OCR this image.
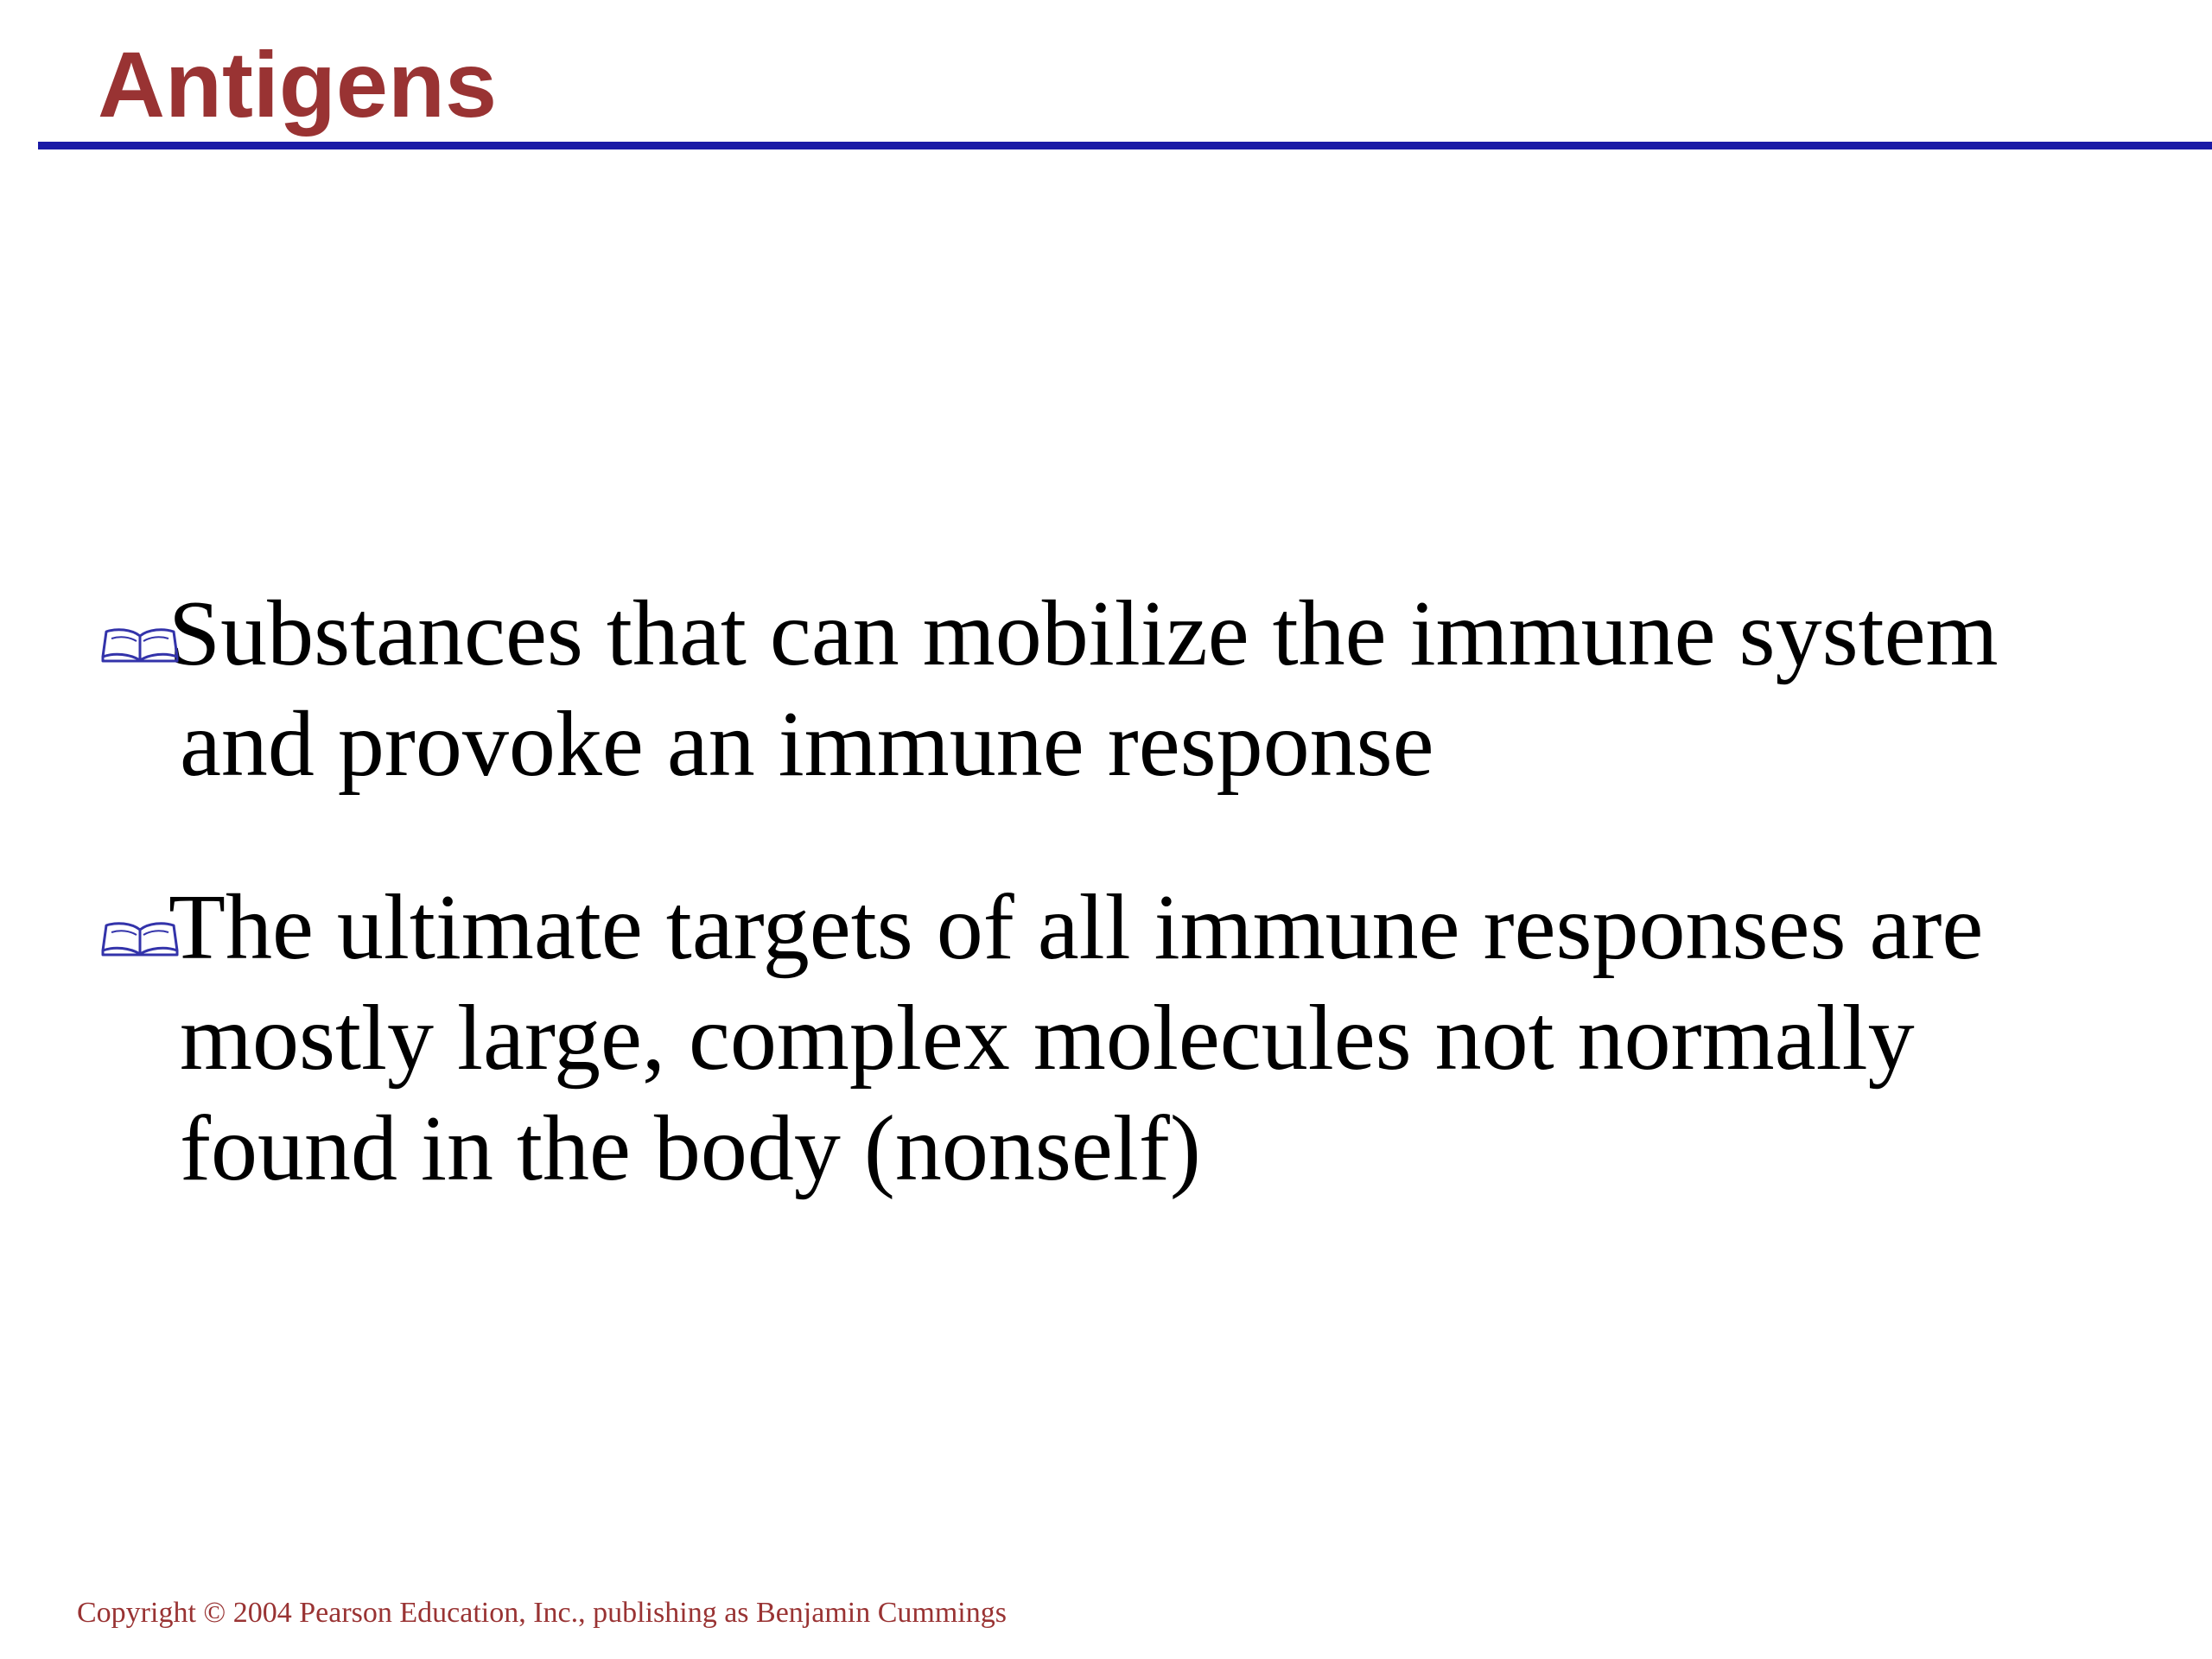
Antigens
Substances that can mobilize the immune system and provoke an immune response
The ultimate targets of all immune responses are mostly large, complex molecules not normally found in the body (nonself)
Copyright © 2004 Pearson Education, Inc., publishing as Benjamin Cummings
